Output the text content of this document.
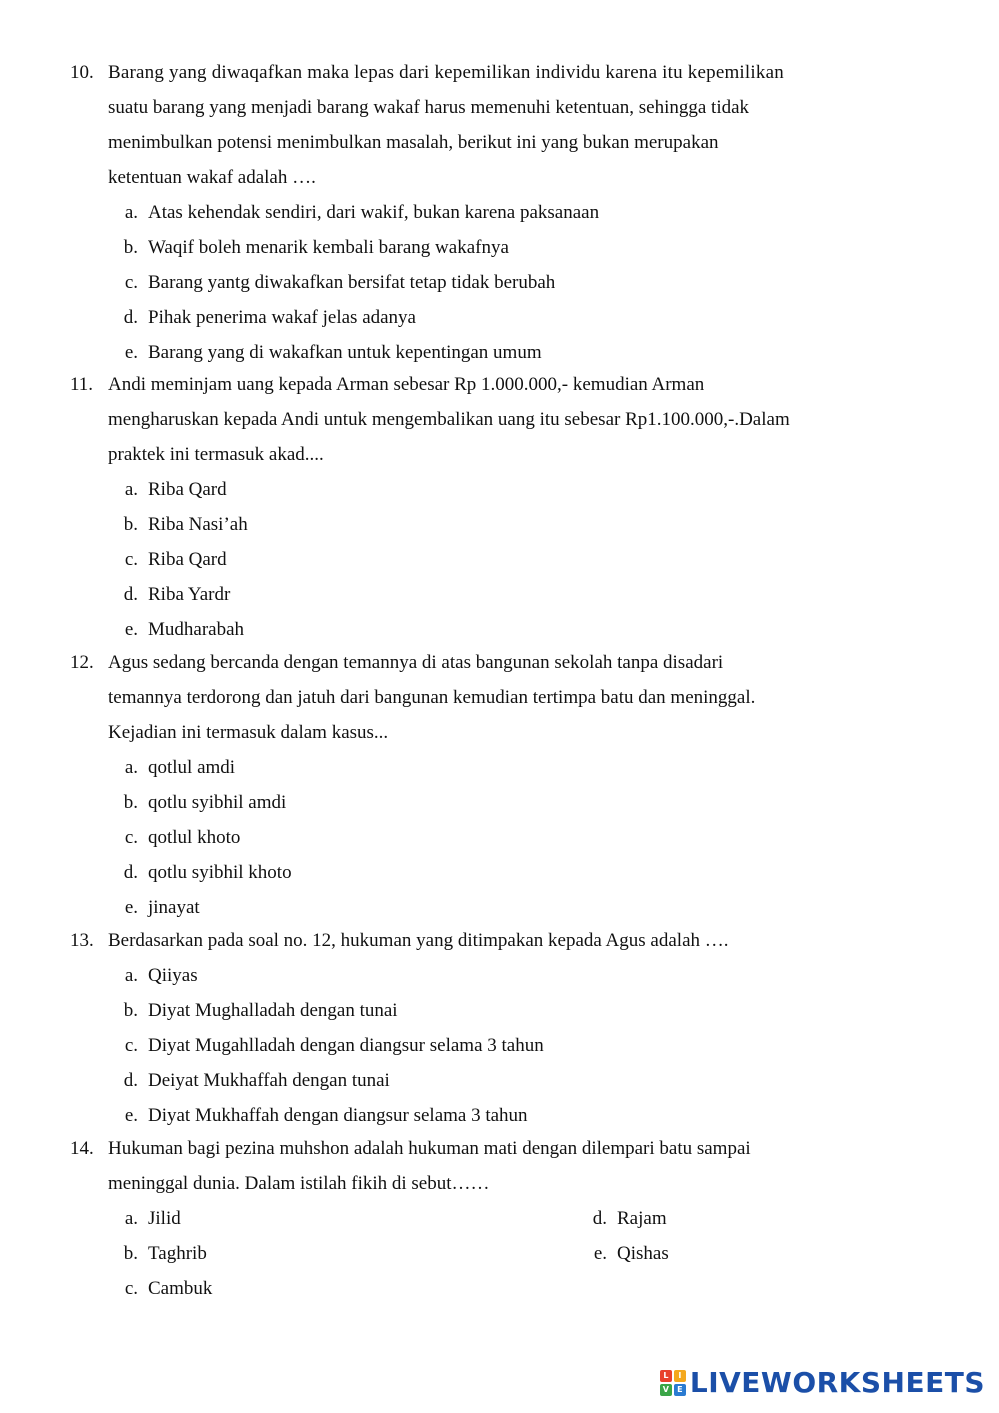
10. Barang yang diwaqafkan maka lepas dari kepemilikan individu karena itu kepemilikan
suatu barang yang menjadi barang wakaf harus memenuhi ketentuan, sehingga tidak
menimbulkan potensi menimbulkan masalah, berikut ini yang bukan merupakan
ketentuan wakaf adalah ….
a. Atas kehendak sendiri, dari wakif, bukan karena paksanaan
b. Waqif boleh menarik kembali barang wakafnya
c. Barang yantg diwakafkan bersifat tetap tidak berubah
d. Pihak penerima wakaf jelas adanya
e. Barang yang di wakafkan untuk kepentingan umum
11. Andi meminjam uang kepada Arman sebesar Rp 1.000.000,- kemudian Arman
mengharuskan kepada Andi untuk mengembalikan uang itu sebesar Rp1.100.000,-.Dalam
praktek ini termasuk akad....
a. Riba Qard
b. Riba Nasi’ah
c. Riba Qard
d. Riba Yardr
e. Mudharabah
12. Agus sedang bercanda dengan temannya di atas bangunan sekolah tanpa disadari
temannya terdorong dan jatuh dari bangunan kemudian tertimpa batu dan meninggal.
Kejadian ini termasuk dalam kasus...
a. qotlul amdi
b. qotlu syibhil amdi
c. qotlul khoto
d. qotlu syibhil khoto
e. jinayat
13. Berdasarkan pada soal no. 12, hukuman yang ditimpakan kepada Agus adalah ….
a. Qiiyas
b. Diyat Mughalladah dengan tunai
c. Diyat Mugahlladah dengan diangsur selama 3 tahun
d. Deiyat Mukhaffah dengan tunai
e. Diyat Mukhaffah dengan diangsur selama 3 tahun
14. Hukuman bagi pezina muhshon adalah hukuman mati dengan dilempari batu sampai
meninggal dunia. Dalam istilah fikih di sebut……
a. Jilid
b. Taghrib
c. Cambuk
d. Rajam
e. Qishas
L	I
V	E LIVEWORKSHEETS
